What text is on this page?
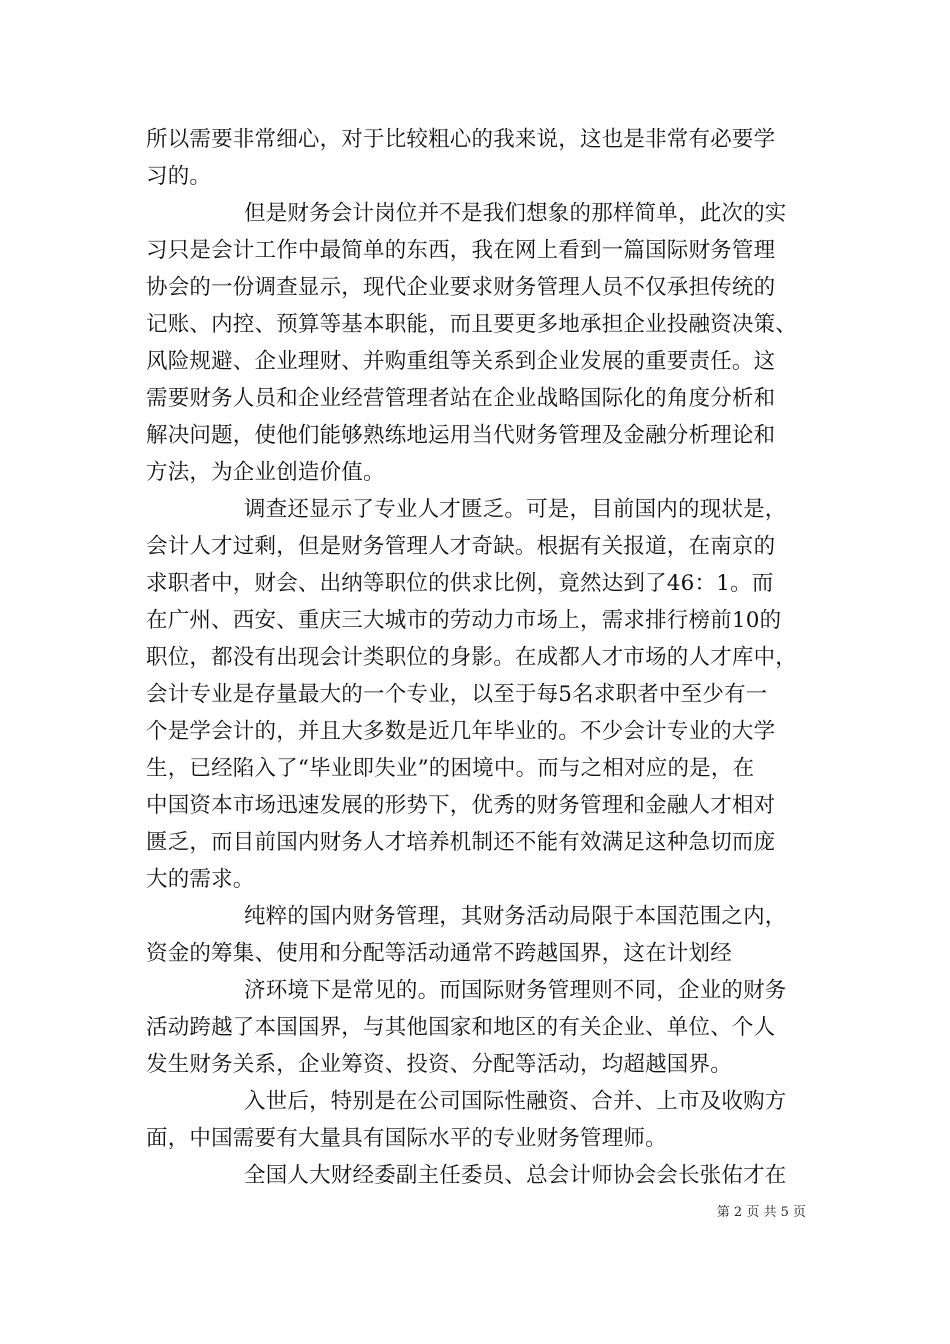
所以需要非常细心，对于比较粗心的我来说，这也是非常有必要学
习的。
但是财务会计岗位并不是我们想象的那样简单，此次的实
习只是会计工作中最简单的东西，我在网上看到一篇国际财务管理
协会的一份调查显示，现代企业要求财务管理人员不仅承担传统的
记账、内控、预算等基本职能，而且要更多地承担企业投融资决策、
风险规避、企业理财、并购重组等关系到企业发展的重要责任。这
需要财务人员和企业经营管理者站在企业战略国际化的角度分析和
解决问题，使他们能够熟练地运用当代财务管理及金融分析理论和
方法，为企业创造价值。
调查还显示了专业人才匮乏。可是，目前国内的现状是，
会计人才过剩，但是财务管理人才奇缺。根据有关报道，在南京的
求职者中，财会、出纳等职位的供求比例，竟然达到了46：1。而
在广州、西安、重庆三大城市的劳动力市场上，需求排行榜前10的
职位，都没有出现会计类职位的身影。在成都人才市场的人才库中，
会计专业是存量最大的一个专业，以至于每5名求职者中至少有一
个是学会计的，并且大多数是近几年毕业的。不少会计专业的大学
生，已经陷入了“毕业即失业”的困境中。而与之相对应的是，在
中国资本市场迅速发展的形势下，优秀的财务管理和金融人才相对
匮乏，而目前国内财务人才培养机制还不能有效满足这种急切而庞
大的需求。
纯粹的国内财务管理，其财务活动局限于本国范围之内，
资金的筹集、使用和分配等活动通常不跨越国界，这在计划经
济环境下是常见的。而国际财务管理则不同，企业的财务
活动跨越了本国国界，与其他国家和地区的有关企业、单位、个人
发生财务关系，企业筹资、投资、分配等活动，均超越国界。
入世后，特别是在公司国际性融资、合并、上市及收购方
面，中国需要有大量具有国际水平的专业财务管理师。
全国人大财经委副主任委员、总会计师协会会长张佑才在
第 2 页 共 5 页
